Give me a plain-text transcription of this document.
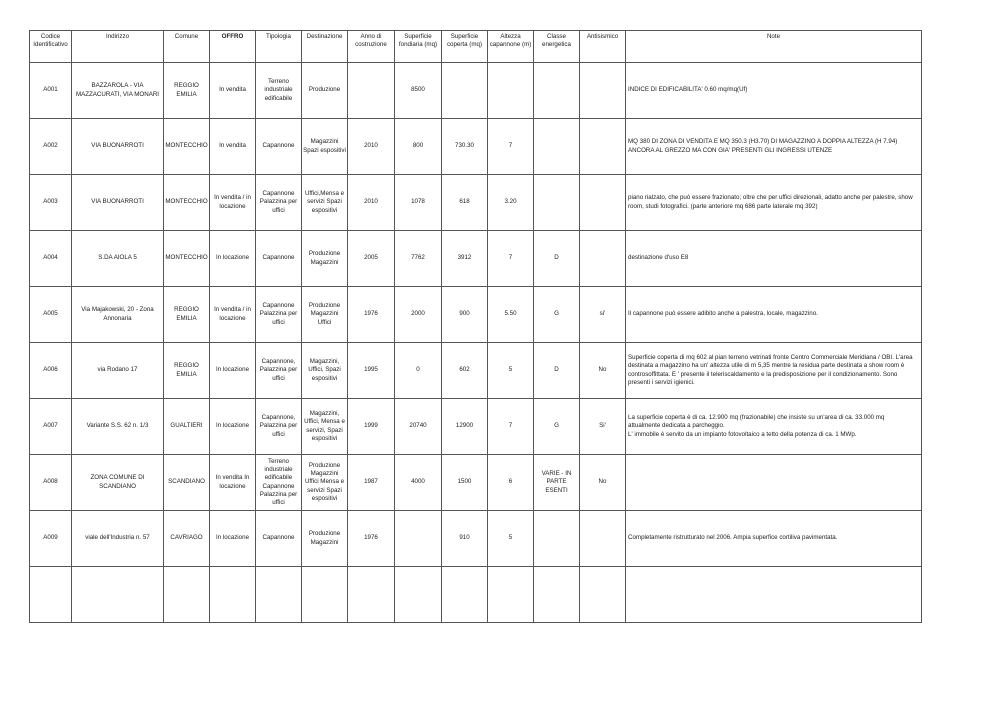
Codice Identificativo	Indirizzo	Comune	OFFRO	Tipologia	Destinazione	Anno di costruzione	Superficie fondiaria (mq)	Superficie coperta (mq)	Altezza capannone (m)	Classe energetica	Antisismico	Note
A001	BAZZAROLA - VIA MAZZACURATI, VIA MONARI	REGGIO EMILIA	In vendita	Terreno industriale edificabile	Produzione		8500					INDICE DI EDIFICABILITA' 0.60 mq/mq(Uf)
A002	VIA BUONARROTI	MONTECCHIO	In vendita	Capannone	Magazzini Spazi espositivi	2010	800	730.30	7			MQ 380 DI ZONA DI VENDITA E MQ 350.3 (H3.70) DI MAGAZZINO A DOPPIA ALTEZZA (H 7.94) ANCORA AL GREZZO MA CON GIA' PRESENTI GLI INGRESSI UTENZE
A003	VIA BUONARROTI	MONTECCHIO	In vendita / in locazione	Capannone Palazzina per uffici	Uffici,Mensa e servizi Spazi espositivi	2010	1078	618	3.20			piano rialzato, che può essere frazionato; oltre che per uffici direzionali, adatto anche per palestre, show room, studi fotografici. (parte anteriore mq 686 parte laterale mq 392)
A004	S.DA AIOLA 5	MONTECCHIO	In locazione	Capannone	Produzione Magazzini	2005	7762	3912	7	D		destinazione d'uso E8
A005	Via Majakowski, 20 - Zona Annonaria	REGGIO EMILIA	In vendita / in locazione	Capannone Palazzina per uffici	Produzione Magazzini Uffici	1976	2000	900	5.50	G	si'	Il capannone può essere adibito anche a palestra, locale, magazzino.
A006	via Rodano 17	REGGIO EMILIA	In locazione	Capannone, Palazzina per uffici	Magazzini, Uffici, Spazi espositivi	1995	0	602	5	D	No	Superficie coperta di mq 602 al pian terreno vetrinati fronte Centro Commerciale Meridiana / OBI. L'area destinata a magazzino ha un' altezza utile di m 5,35 mentre la residua parte destinata a show room è controsoffittata. E ' presente il teleriscaldamento e la predisposizione per il condizionamento. Sono presenti i servizi igienici.
A007	Variante S.S. 62 n. 1/3	GUALTIERI	In locazione	Capannone, Palazzina per uffici	Magazzini, Uffici, Mensa e servizi, Spazi espositivi	1999	20740	12900	7	G	Si'	La superficie coperta è di ca. 12.900 mq (frazionabile) che insiste su un'area di ca. 33.000 mq attualmente dedicata a parcheggio.
L' immobile è servito da un impianto fotovoltaico a tetto della potenza di ca. 1 MWp.
A008	ZONA COMUNE DI SCANDIANO	SCANDIANO	In vendita In locazione	Terreno industriale edificabile Capannone Palazzina per uffici	Produzione Magazzini Uffici Mensa e servizi Spazi espositivi	1987	4000	1500	6	VARIE - IN PARTE ESENTI	No	
A009	viale dell'Industria n. 57	CAVRIAGO	In locazione	Capannone	Produzione Magazzini	1976		910	5			Completamente ristrutturato nel 2006. Ampia superfice cortiliva pavimentata.
